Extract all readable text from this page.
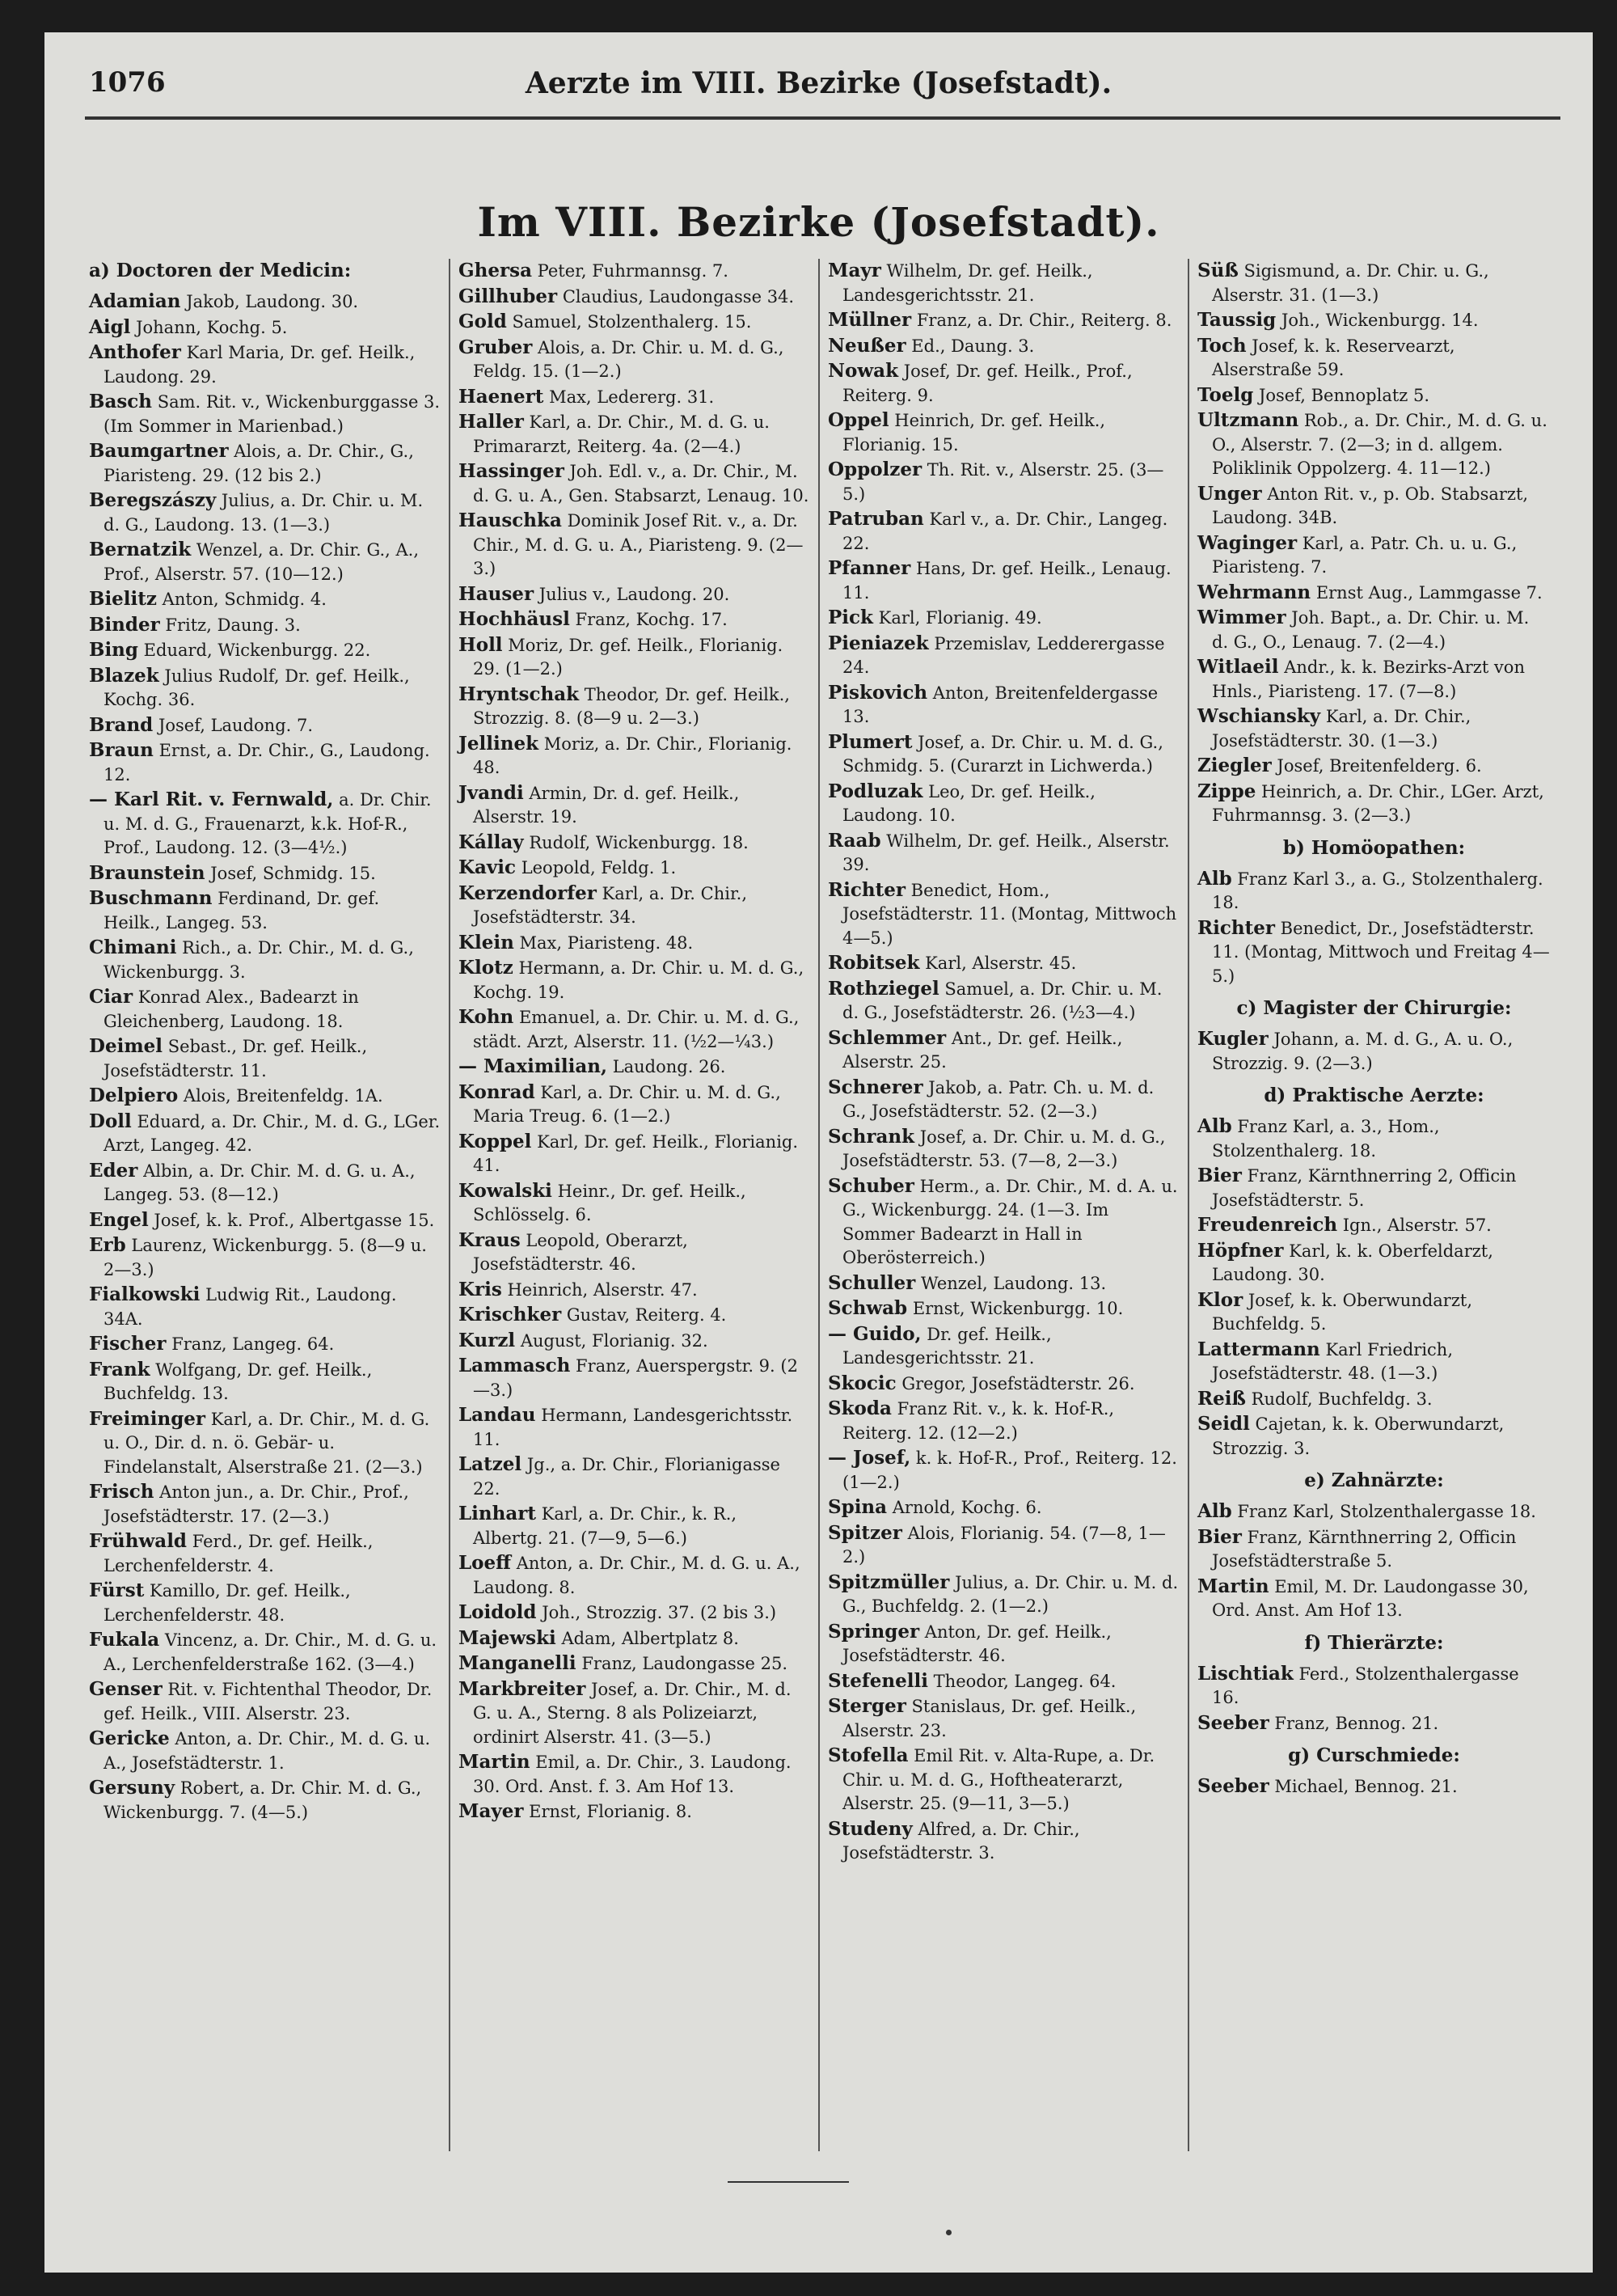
1076	Aerzte im VIII. Bezirke (Josefstadt).
Im VIII. Bezirke (Josefstadt).
a) Doctoren der Medicin:
Adamian Jakob, Laudong. 30.
Aigl Johann, Kochg. 5.
Anthofer Karl Maria, Dr. gef. Heilk., Laudong. 29.
Basch Sam. Rit. v., Wickenburggasse 3. (Im Sommer in Marienbad.)
Baumgartner Alois, a. Dr. Chir., G., Piaristeng. 29. (12 bis 2.)
Beregszászy Julius, a. Dr. Chir. u. M. d. G., Laudong. 13. (1—3.)
Bernatzik Wenzel, a. Dr. Chir. G., A., Prof., Alserstr. 57. (10—12.)
Bielitz Anton, Schmidg. 4.
Binder Fritz, Daung. 3.
Bing Eduard, Wickenburgg. 22.
Blazek Julius Rudolf, Dr. gef. Heilk., Kochg. 36.
Brand Josef, Laudong. 7.
Braun Ernst, a. Dr. Chir., G., Laudong. 12.
— Karl Rit. v. Fernwald, a. Dr. Chir. u. M. d. G., Frauenarzt, k.k. Hof-R., Prof., Laudong. 12. (3—4½.)
Braunstein Josef, Schmidg. 15.
Buschmann Ferdinand, Dr. gef. Heilk., Langeg. 53.
Chimani Rich., a. Dr. Chir., M. d. G., Wickenburgg. 3.
Ciar Konrad Alex., Badearzt in Gleichenberg, Laudong. 18.
Deimel Sebast., Dr. gef. Heilk., Josefstädterstr. 11.
Delpiero Alois, Breitenfeldg. 1A.
Doll Eduard, a. Dr. Chir., M. d. G., LGer. Arzt, Langeg. 42.
Eder Albin, a. Dr. Chir. M. d. G. u. A., Langeg. 53. (8—12.)
Engel Josef, k. k. Prof., Albertgasse 15.
Erb Laurenz, Wickenburgg. 5. (8—9 u. 2—3.)
Fialkowski Ludwig Rit., Laudong. 34A.
Fischer Franz, Langeg. 64.
Frank Wolfgang, Dr. gef. Heilk., Buchfeldg. 13.
Freiminger Karl, a. Dr. Chir., M. d. G. u. O., Dir. d. n. ö. Gebär- u. Findelanstalt, Alserstraße 21. (2—3.)
Frisch Anton jun., a. Dr. Chir., Prof., Josefstädterstr. 17. (2—3.)
Frühwald Ferd., Dr. gef. Heilk., Lerchenfelderstr. 4.
Fürst Kamillo, Dr. gef. Heilk., Lerchenfelderstr. 48.
Fukala Vincenz, a. Dr. Chir., M. d. G. u. A., Lerchenfelderstraße 162. (3—4.)
Genser Rit. v. Fichtenthal Theodor, Dr. gef. Heilk., VIII. Alserstr. 23.
Gericke Anton, a. Dr. Chir., M. d. G. u. A., Josefstädterstr. 1.
Gersuny Robert, a. Dr. Chir. M. d. G., Wickenburgg. 7. (4—5.)
Ghersa Peter, Fuhrmannsg. 7.
Gillhuber Claudius, Laudongasse 34.
Gold Samuel, Stolzenthalerg. 15.
Gruber Alois, a. Dr. Chir. u. M. d. G., Feldg. 15. (1—2.)
Haenert Max, Ledererg. 31.
Haller Karl, a. Dr. Chir., M. d. G. u. Primararzt, Reiterg. 4a. (2—4.)
Hassinger Joh. Edl. v., a. Dr. Chir., M. d. G. u. A., Gen. Stabsarzt, Lenaug. 10.
Hauschka Dominik Josef Rit. v., a. Dr. Chir., M. d. G. u. A., Piaristeng. 9. (2—3.)
Hauser Julius v., Laudong. 20.
Hochhäusl Franz, Kochg. 17.
Holl Moriz, Dr. gef. Heilk., Florianig. 29. (1—2.)
Hryntschak Theodor, Dr. gef. Heilk., Strozzig. 8. (8—9 u. 2—3.)
Jellinek Moriz, a. Dr. Chir., Florianig. 48.
Jvandi Armin, Dr. d. gef. Heilk., Alserstr. 19.
Kállay Rudolf, Wickenburgg. 18.
Kavic Leopold, Feldg. 1.
Kerzendorfer Karl, a. Dr. Chir., Josefstädterstr. 34.
Klein Max, Piaristeng. 48.
Klotz Hermann, a. Dr. Chir. u. M. d. G., Kochg. 19.
Kohn Emanuel, a. Dr. Chir. u. M. d. G., städt. Arzt, Alserstr. 11. (½2—¼3.)
— Maximilian, Laudong. 26.
Konrad Karl, a. Dr. Chir. u. M. d. G., Maria Treug. 6. (1—2.)
Koppel Karl, Dr. gef. Heilk., Florianig. 41.
Kowalski Heinr., Dr. gef. Heilk., Schlösselg. 6.
Kraus Leopold, Oberarzt, Josefstädterstr. 46.
Kris Heinrich, Alserstr. 47.
Krischker Gustav, Reiterg. 4.
Kurzl August, Florianig. 32.
Lammasch Franz, Auerspergstr. 9. (2—3.)
Landau Hermann, Landesgerichtsstr. 11.
Latzel Jg., a. Dr. Chir., Florianigasse 22.
Linhart Karl, a. Dr. Chir., k. R., Albertg. 21. (7—9, 5—6.)
Loeff Anton, a. Dr. Chir., M. d. G. u. A., Laudong. 8.
Loidold Joh., Strozzig. 37. (2 bis 3.)
Majewski Adam, Albertplatz 8.
Manganelli Franz, Laudongasse 25.
Markbreiter Josef, a. Dr. Chir., M. d. G. u. A., Sterng. 8 als Polizeiarzt, ordinirt Alserstr. 41. (3—5.)
Martin Emil, a. Dr. Chir., 3. Laudong. 30. Ord. Anst. f. 3. Am Hof 13.
Mayer Ernst, Florianig. 8.
Mayr Wilhelm, Dr. gef. Heilk., Landesgerichtsstr. 21.
Müllner Franz, a. Dr. Chir., Reiterg. 8.
Neußer Ed., Daung. 3.
Nowak Josef, Dr. gef. Heilk., Prof., Reiterg. 9.
Oppel Heinrich, Dr. gef. Heilk., Florianig. 15.
Oppolzer Th. Rit. v., Alserstr. 25. (3—5.)
Patruban Karl v., a. Dr. Chir., Langeg. 22.
Pfanner Hans, Dr. gef. Heilk., Lenaug. 11.
Pick Karl, Florianig. 49.
Pieniazek Przemislav, Ledderergasse 24.
Piskovich Anton, Breitenfeldergasse 13.
Plumert Josef, a. Dr. Chir. u. M. d. G., Schmidg. 5. (Curarzt in Lichwerda.)
Podluzak Leo, Dr. gef. Heilk., Laudong. 10.
Raab Wilhelm, Dr. gef. Heilk., Alserstr. 39.
Richter Benedict, Hom., Josefstädterstr. 11. (Montag, Mittwoch 4—5.)
Robitsek Karl, Alserstr. 45.
Rothziegel Samuel, a. Dr. Chir. u. M. d. G., Josefstädterstr. 26. (½3—4.)
Schlemmer Ant., Dr. gef. Heilk., Alserstr. 25.
Schnerer Jakob, a. Patr. Ch. u. M. d. G., Josefstädterstr. 52. (2—3.)
Schrank Josef, a. Dr. Chir. u. M. d. G., Josefstädterstr. 53. (7—8, 2—3.)
Schuber Herm., a. Dr. Chir., M. d. A. u. G., Wickenburgg. 24. (1—3. Im Sommer Badearzt in Hall in Oberösterreich.)
Schuller Wenzel, Laudong. 13.
Schwab Ernst, Wickenburgg. 10.
— Guido, Dr. gef. Heilk., Landesgerichtsstr. 21.
Skocic Gregor, Josefstädterstr. 26.
Skoda Franz Rit. v., k. k. Hof-R., Reiterg. 12. (12—2.)
— Josef, k. k. Hof-R., Prof., Reiterg. 12. (1—2.)
Spina Arnold, Kochg. 6.
Spitzer Alois, Florianig. 54. (7—8, 1—2.)
Spitzmüller Julius, a. Dr. Chir. u. M. d. G., Buchfeldg. 2. (1—2.)
Springer Anton, Dr. gef. Heilk., Josefstädterstr. 46.
Stefenelli Theodor, Langeg. 64.
Sterger Stanislaus, Dr. gef. Heilk., Alserstr. 23.
Stofella Emil Rit. v. Alta-Rupe, a. Dr. Chir. u. M. d. G., Hoftheaterarzt, Alserstr. 25. (9—11, 3—5.)
Studeny Alfred, a. Dr. Chir., Josefstädterstr. 3.
Süß Sigismund, a. Dr. Chir. u. G., Alserstr. 31. (1—3.)
Taussig Joh., Wickenburgg. 14.
Toch Josef, k. k. Reservearzt, Alserstraße 59.
Toelg Josef, Bennoplatz 5.
Ultzmann Rob., a. Dr. Chir., M. d. G. u. O., Alserstr. 7. (2—3; in d. allgem. Poliklinik Oppolzerg. 4. 11—12.)
Unger Anton Rit. v., p. Ob. Stabsarzt, Laudong. 34B.
Waginger Karl, a. Patr. Ch. u. u. G., Piaristeng. 7.
Wehrmann Ernst Aug., Lammgasse 7.
Wimmer Joh. Bapt., a. Dr. Chir. u. M. d. G., O., Lenaug. 7. (2—4.)
Witlaeil Andr., k. k. Bezirks-Arzt von Hnls., Piaristeng. 17. (7—8.)
Wschiansky Karl, a. Dr. Chir., Josefstädterstr. 30. (1—3.)
Ziegler Josef, Breitenfelderg. 6.
Zippe Heinrich, a. Dr. Chir., LGer. Arzt, Fuhrmannsg. 3. (2—3.)
b) Homöopathen:
Alb Franz Karl 3., a. G., Stolzenthalerg. 18.
Richter Benedict, Dr., Josefstädterstr. 11. (Montag, Mittwoch und Freitag 4—5.)
c) Magister der Chirurgie:
Kugler Johann, a. M. d. G., A. u. O., Strozzig. 9. (2—3.)
d) Praktische Aerzte:
Alb Franz Karl, a. 3., Hom., Stolzenthalerg. 18.
Bier Franz, Kärnthnerring 2, Officin Josefstädterstr. 5.
Freudenreich Ign., Alserstr. 57.
Höpfner Karl, k. k. Oberfeldarzt, Laudong. 30.
Klor Josef, k. k. Oberwundarzt, Buchfeldg. 5.
Lattermann Karl Friedrich, Josefstädterstr. 48. (1—3.)
Reiß Rudolf, Buchfeldg. 3.
Seidl Cajetan, k. k. Oberwundarzt, Strozzig. 3.
e) Zahnärzte:
Alb Franz Karl, Stolzenthalergasse 18.
Bier Franz, Kärnthnerring 2, Officin Josefstädterstraße 5.
Martin Emil, M. Dr. Laudongasse 30, Ord. Anst. Am Hof 13.
f) Thierärzte:
Lischtiak Ferd., Stolzenthalergasse 16.
Seeber Franz, Bennog. 21.
g) Curschmiede:
Seeber Michael, Bennog. 21.
